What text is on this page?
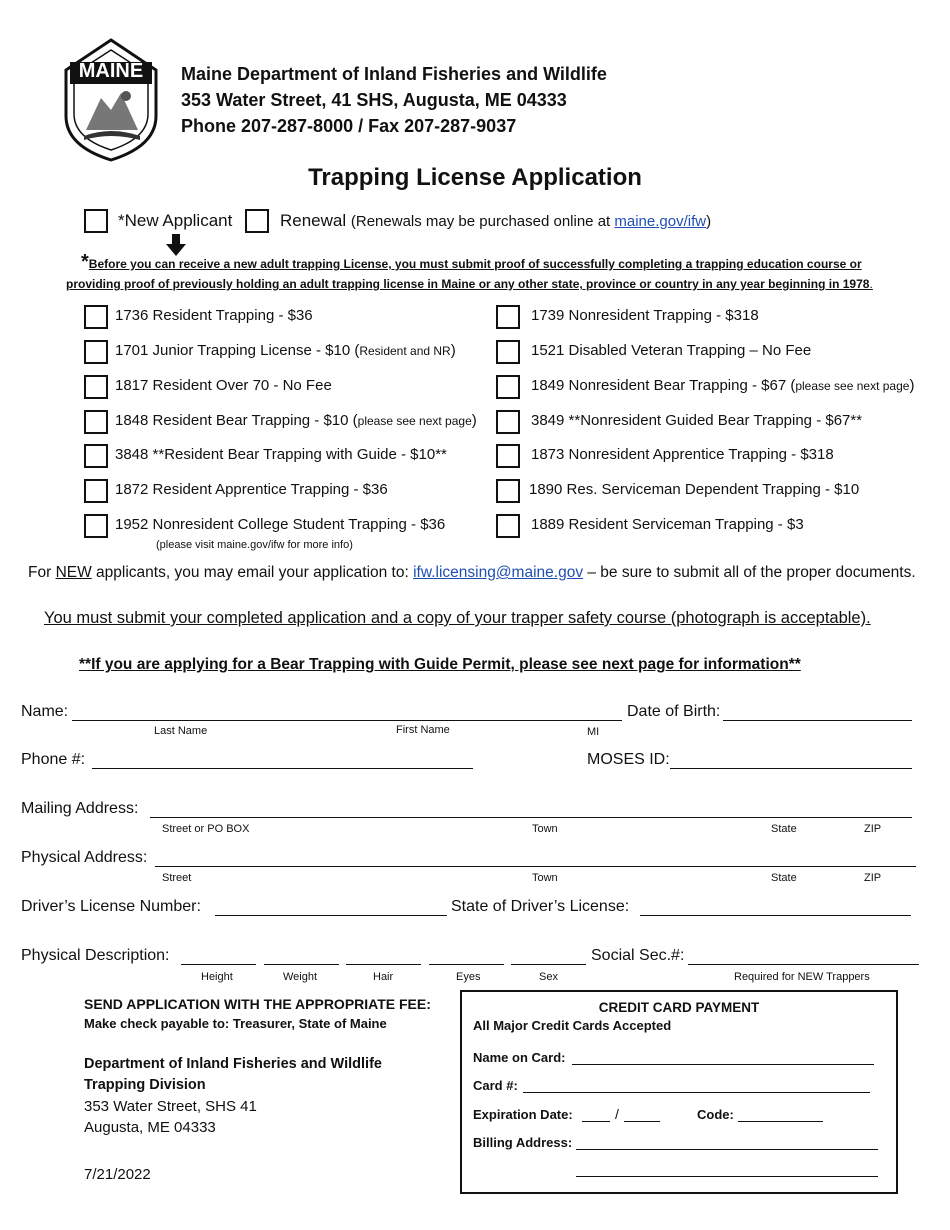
MAINE	Maine Department of Inland Fisheries and Wildlife
353 Water Street, 41 SHS, Augusta, ME 04333
Phone 207-287-8000 / Fax 207-287-9037
Trapping License Application
*New Applicant	Renewal (Renewals may be purchased online at maine.gov/ifw)
*Before you can receive a new adult trapping License, you must submit proof of successfully completing a trapping education course or
providing proof of previously holding an adult trapping license in Maine or any other state, province or country in any year beginning in 1978.
1736 Resident Trapping - $36
1701 Junior Trapping License - $10 (Resident and NR)
1817 Resident Over 70 - No Fee
1848 Resident Bear Trapping - $10 (please see next page)
3848 **Resident Bear Trapping with Guide - $10**
1872 Resident Apprentice Trapping - $36
1952 Nonresident College Student Trapping - $36
1739 Nonresident Trapping - $318
1521 Disabled Veteran Trapping – No Fee
1849 Nonresident Bear Trapping - $67 (please see next page)
3849 **Nonresident Guided Bear Trapping - $67**
1873 Nonresident Apprentice Trapping - $318
1890 Res. Serviceman Dependent Trapping - $10
1889 Resident Serviceman Trapping - $3
(please visit maine.gov/ifw for more info)
For NEW applicants, you may email your application to: ifw.licensing@maine.gov – be sure to submit all of the proper documents.
You must submit your completed application and a copy of your trapper safety course (photograph is acceptable).
**If you are applying for a Bear Trapping with Guide Permit, please see next page for information**
Name:	Date of Birth:
Last Name	First Name	MI
Phone #:	MOSES ID:
Mailing Address:
Street or PO BOX	Town	State	ZIP
Physical Address:
Street	Town	State	ZIP
Driver’s License Number:	State of Driver’s License:
Physical Description:	Social Sec.#:
Height	Weight	Hair	Eyes	Sex	Required for NEW Trappers
SEND APPLICATION WITH THE APPROPRIATE FEE:
Make check payable to: Treasurer, State of Maine
Department of Inland Fisheries and Wildlife
Trapping Division
353 Water Street, SHS 41
Augusta, ME 04333
7/21/2022
CREDIT CARD PAYMENT
All Major Credit Cards Accepted
Name on Card:
Card #:
Expiration Date:	/	Code:
Billing Address:
